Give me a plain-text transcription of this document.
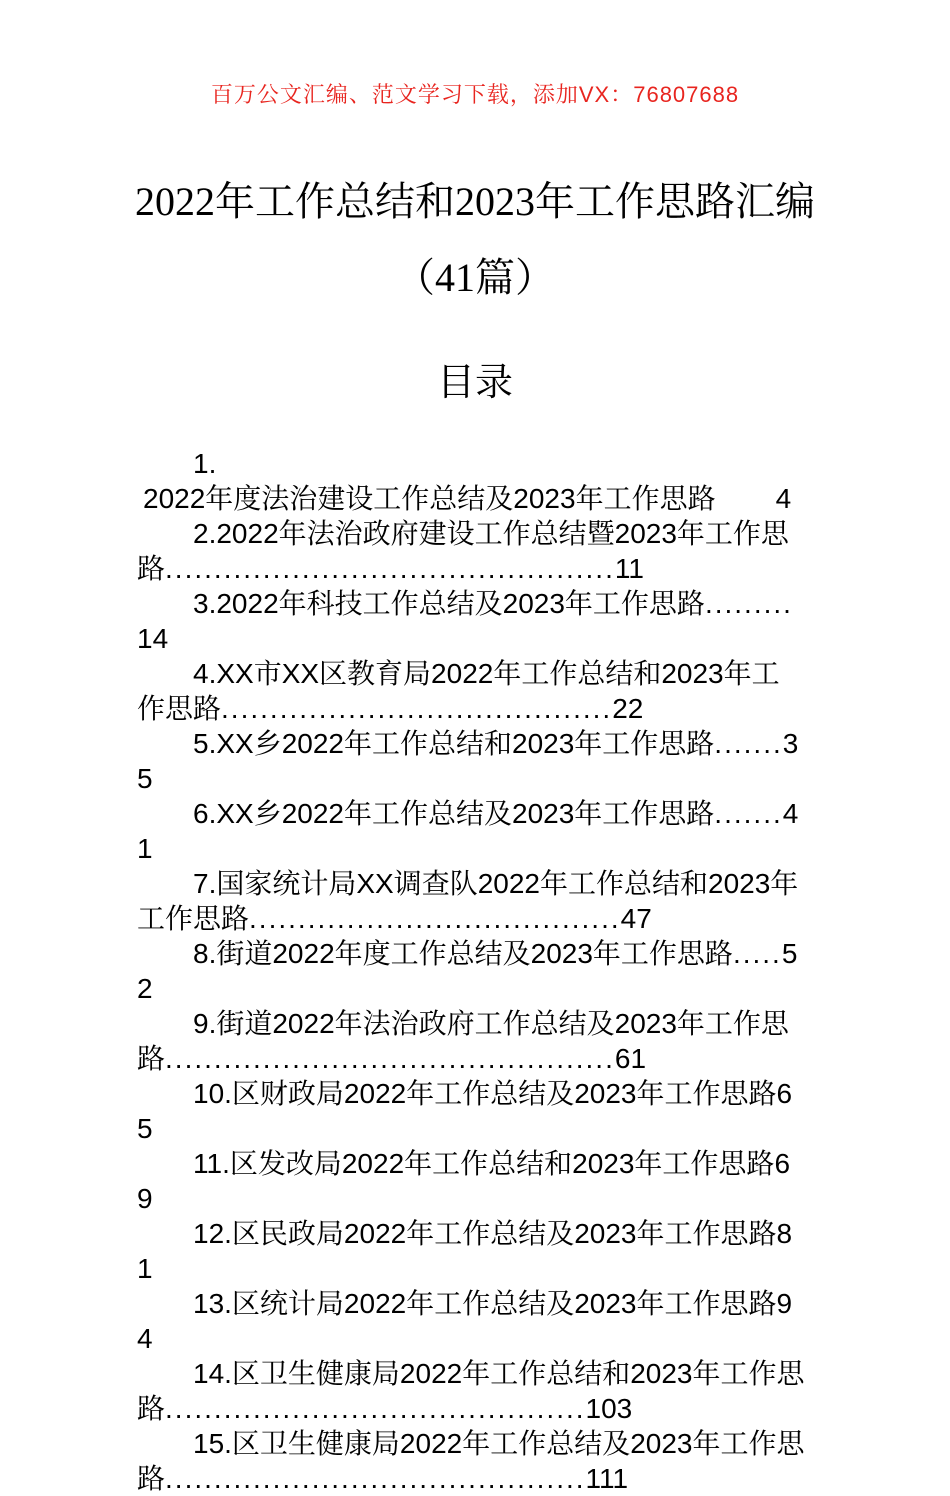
百万公文汇编、范文学习下载，添加VX：76807688
2022年工作总结和2023年工作思路汇编
（41篇）
目录

1.
2022年度法治建设工作总结及2023年工作思路　　 4

2.2022年法治政府建设工作总结暨2023年工作思路..............................................11

3.2022年科技工作总结及2023年工作思路.........14

4.XX市XX区教育局2022年工作总结和2023年工作思路........................................22

5.XX乡2022年工作总结和2023年工作思路.......35

6.XX乡2022年工作总结及2023年工作思路.......41

7.国家统计局XX调查队2022年工作总结和2023年工作思路......................................47

8.街道2022年度工作总结及2023年工作思路.....52

9.街道2022年法治政府工作总结及2023年工作思路..............................................61

10.区财政局2022年工作总结及2023年工作思路65

11.区发改局2022年工作总结和2023年工作思路69

12.区民政局2022年工作总结及2023年工作思路81

13.区统计局2022年工作总结及2023年工作思路94

14.区卫生健康局2022年工作总结和2023年工作思路...........................................103

15.区卫生健康局2022年工作总结及2023年工作思路...........................................111
